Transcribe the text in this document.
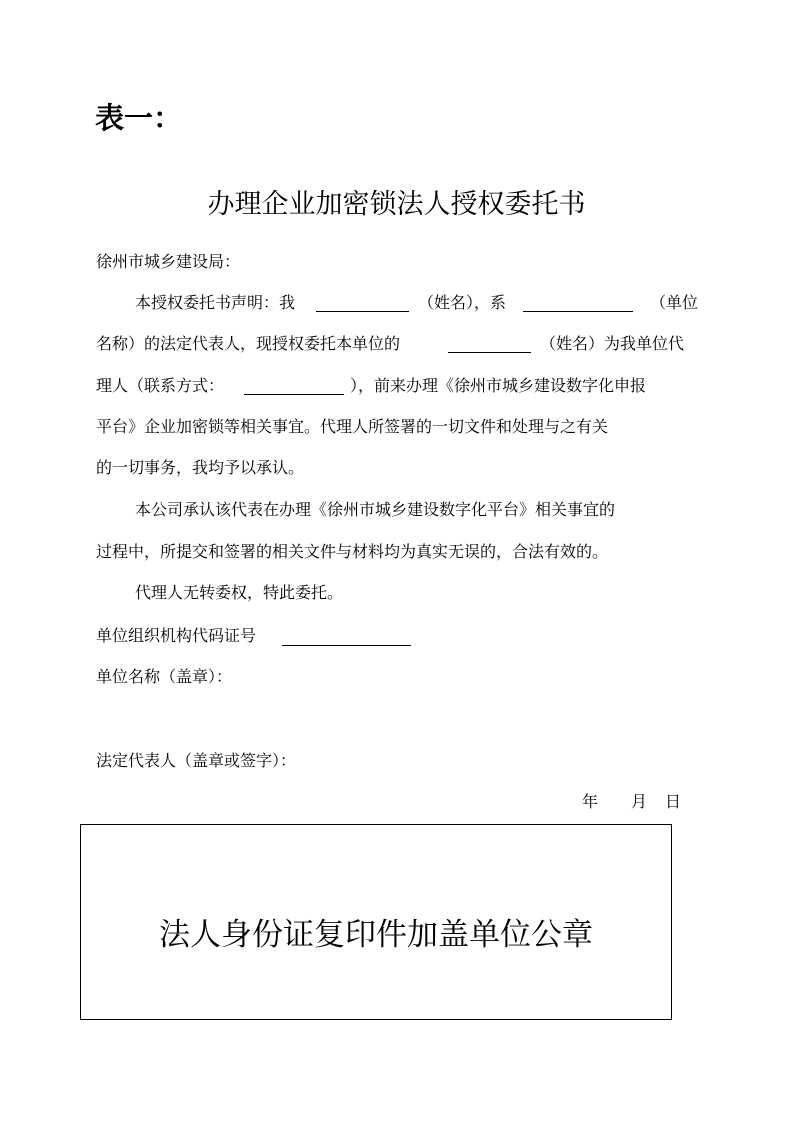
表一：
办理企业加密锁法人授权委托书
徐州市城乡建设局：
本授权委托书声明：我	（姓名），系	（单位
名称）的法定代表人，现授权委托本单位的	（姓名）为我单位代
理人（联系方式：	），前来办理《徐州市城乡建设数字化申报
平台》企业加密锁等相关事宜。代理人所签署的一切文件和处理与之有关
的一切事务，我均予以承认。
本公司承认该代表在办理《徐州市城乡建设数字化平台》相关事宜的
过程中，所提交和签署的相关文件与材料均为真实无误的，合法有效的。
代理人无转委权，特此委托。
单位组织机构代码证号
单位名称（盖章）：
法定代表人（盖章或签字）：
年 月 日
法人身份证复印件加盖单位公章
